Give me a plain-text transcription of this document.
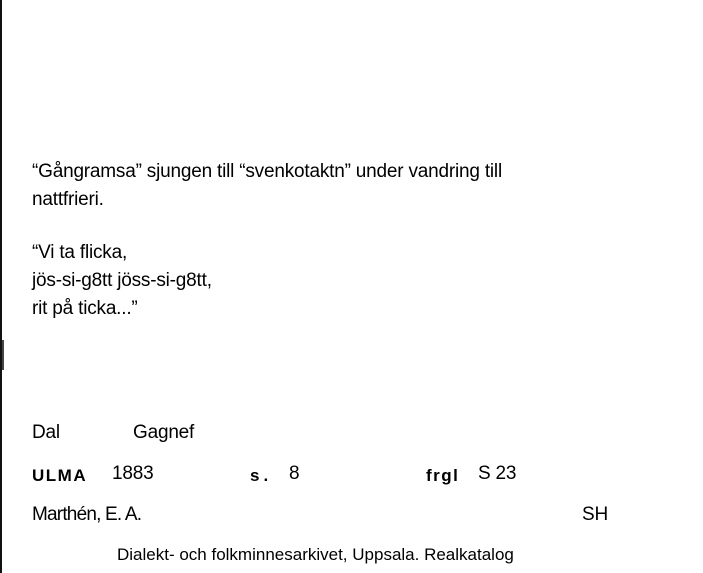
“Gångramsa” sjungen till “svenkotaktn” under vandring till
nattfrieri.
“Vi ta flicka,
jös-si-g8tt jöss-si-g8tt,
rit på ticka...”
Dal	Gagnef
ULMA 1883	s. 8	frgl S 23
Marthén, E. A.	SH
Dialekt- och folkminnesarkivet, Uppsala. Realkatalog
